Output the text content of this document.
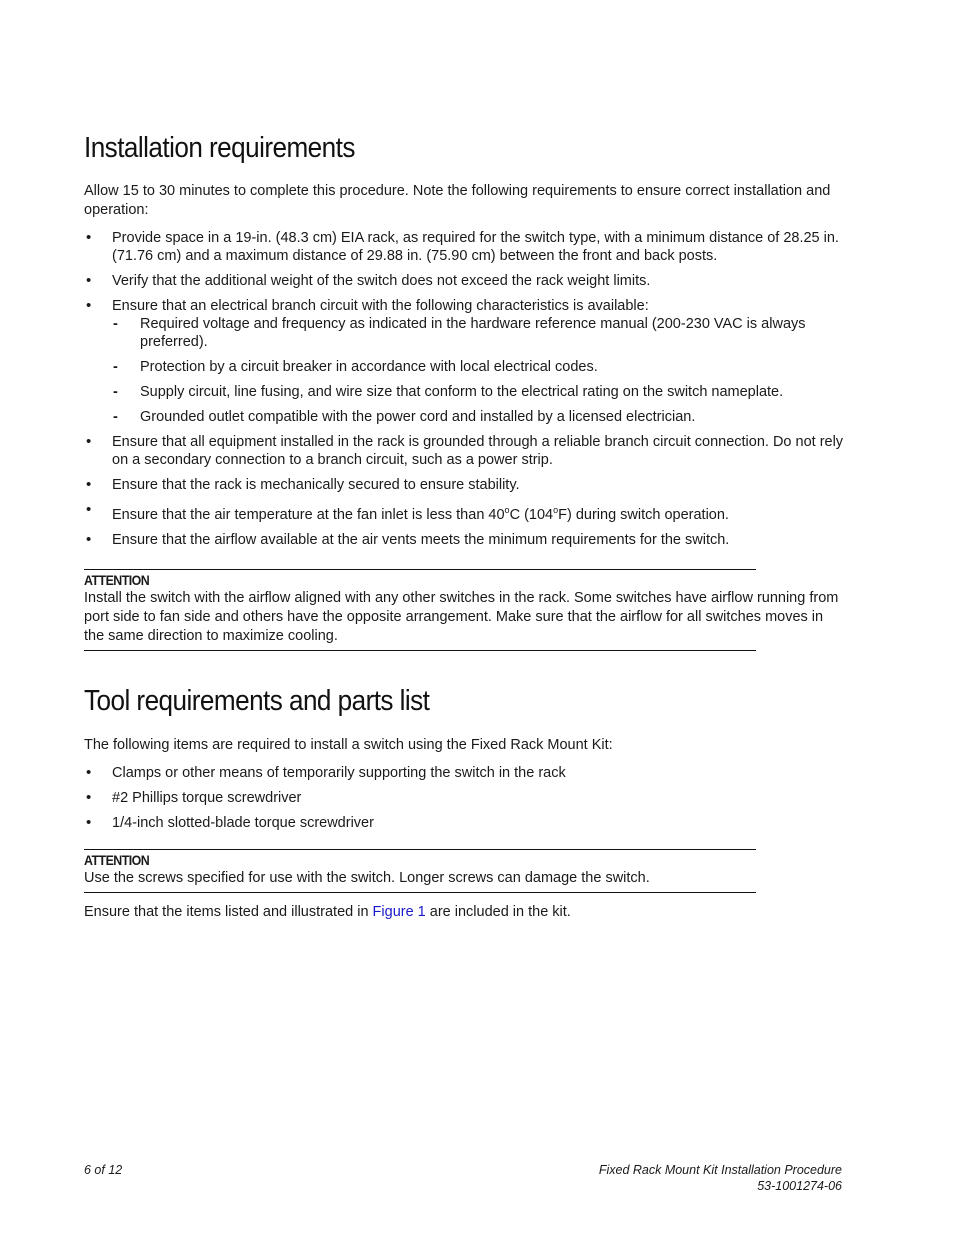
Installation requirements

Allow 15 to 30 minutes to complete this procedure. Note the following requirements to ensure correct installation and operation:

• Provide space in a 19-in. (48.3 cm) EIA rack, as required for the switch type, with a minimum distance of 28.25 in. (71.76 cm) and a maximum distance of 29.88 in. (75.90 cm) between the front and back posts.
• Verify that the additional weight of the switch does not exceed the rack weight limits.
• Ensure that an electrical branch circuit with the following characteristics is available:
- Required voltage and frequency as indicated in the hardware reference manual (200-230 VAC is always preferred).
- Protection by a circuit breaker in accordance with local electrical codes.
- Supply circuit, line fusing, and wire size that conform to the electrical rating on the switch nameplate.
- Grounded outlet compatible with the power cord and installed by a licensed electrician.
• Ensure that all equipment installed in the rack is grounded through a reliable branch circuit connection. Do not rely on a secondary connection to a branch circuit, such as a power strip.
• Ensure that the rack is mechanically secured to ensure stability.
• Ensure that the air temperature at the fan inlet is less than 40$^o$C (104$^o$F) during switch operation.
• Ensure that the airflow available at the air vents meets the minimum requirements for the switch.
ATTENTION
Install the switch with the airflow aligned with any other switches in the rack. Some switches have airflow running from port side to fan side and others have the opposite arrangement. Make sure that the airflow for all switches moves in the same direction to maximize cooling.
Tool requirements and parts list

The following items are required to install a switch using the Fixed Rack Mount Kit:

• Clamps or other means of temporarily supporting the switch in the rack
• #2 Phillips torque screwdriver
• 1/4-inch slotted-blade torque screwdriver
ATTENTION
Use the screws specified for use with the switch. Longer screws can damage the switch.

Ensure that the items listed and illustrated in Figure 1 are included in the kit.

6 of 12	Fixed Rack Mount Kit Installation Procedure
53-1001274-06
